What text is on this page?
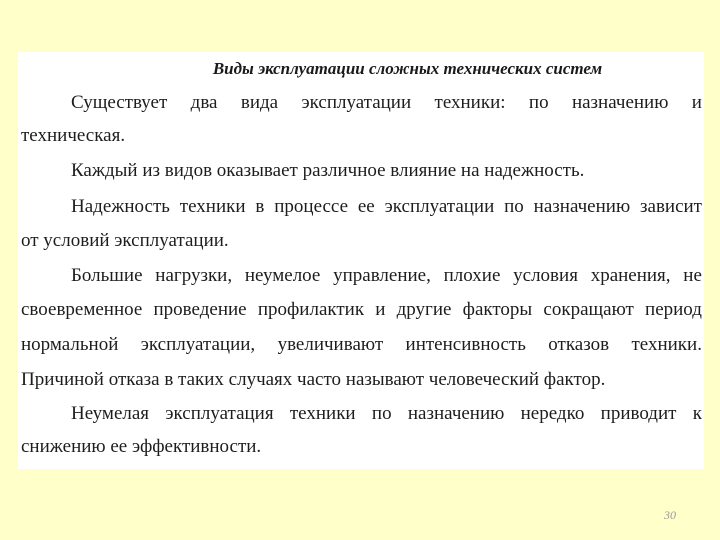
Виды эксплуатации сложных технических систем
Существует два вида эксплуатации техники: по назначению и
техническая.
Каждый из видов оказывает различное влияние на надежность.
Надежность техники в процессе ее эксплуатации по назначению зависит
от условий эксплуатации.
Большие нагрузки, неумелое управление, плохие условия хранения, не
своевременное проведение профилактик и другие факторы сокращают период
нормальной эксплуатации, увеличивают интенсивность отказов техники.
Причиной отказа в таких случаях часто называют человеческий фактор.
Неумелая эксплуатация техники по назначению нередко приводит к
снижению ее эффективности.
30
